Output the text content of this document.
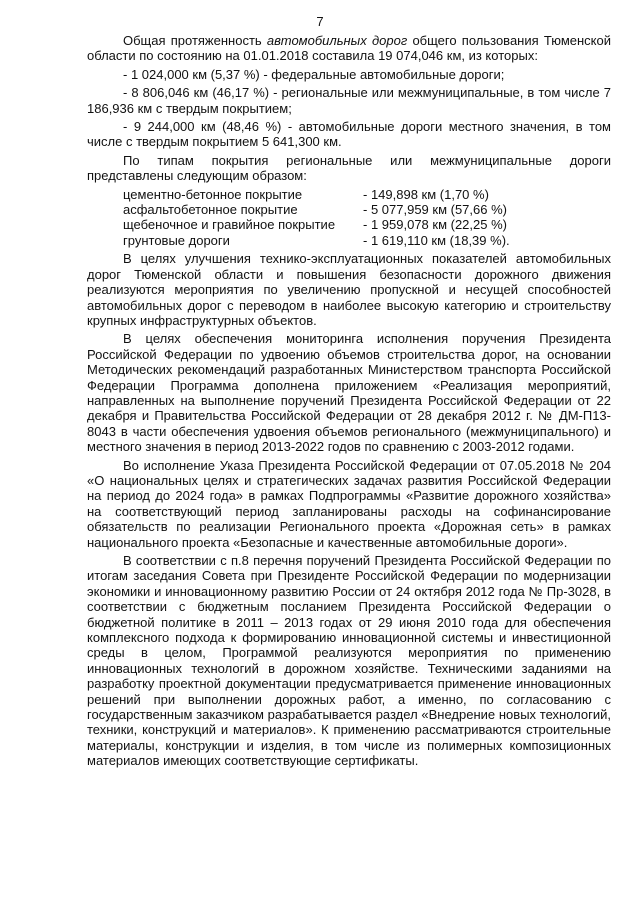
7

Общая протяженность автомобильных дорог общего пользования Тюменской области по состоянию на 01.01.2018 составила 19 074,046 км, из которых:

- 1 024,000 км (5,37 %) - федеральные автомобильные дороги;

- 8 806,046 км (46,17 %) - региональные или межмуниципальные, в том числе 7 186,936 км с твердым покрытием;

- 9 244,000 км (48,46 %) - автомобильные дороги местного значения, в том числе с твердым покрытием 5 641,300 км.

По типам покрытия региональные или межмуниципальные дороги представлены следующим образом:

цементно-бетонное покрытие	- 149,898 км (1,70 %)
асфальтобетонное покрытие	- 5 077,959 км (57,66 %)
щебеночное и гравийное покрытие	- 1 959,078 км (22,25 %)
грунтовые дороги	- 1 619,110 км (18,39 %).

В целях улучшения технико-эксплуатационных показателей автомобильных дорог Тюменской области и повышения безопасности дорожного движения реализуются мероприятия по увеличению пропускной и несущей способностей автомобильных дорог с переводом в наиболее высокую категорию и строительству крупных инфраструктурных объектов.

В целях обеспечения мониторинга исполнения поручения Президента Российской Федерации по удвоению объемов строительства дорог, на основании Методических рекомендаций разработанных Министерством транспорта Российской Федерации Программа дополнена приложением «Реализация мероприятий, направленных на выполнение поручений Президента Российской Федерации от 22 декабря и Правительства Российской Федерации от 28 декабря 2012 г. № ДМ-П13-8043 в части обеспечения удвоения объемов регионального (межмуниципального) и местного значения в период 2013-2022 годов по сравнению с 2003-2012 годами.

Во исполнение Указа Президента Российской Федерации от 07.05.2018 № 204 «О национальных целях и стратегических задачах развития Российской Федерации на период до 2024 года» в рамках Подпрограммы «Развитие дорожного хозяйства» на соответствующий период запланированы расходы на софинансирование обязательств по реализации Регионального проекта «Дорожная сеть» в рамках национального проекта «Безопасные и качественные автомобильные дороги».

В соответствии с п.8 перечня поручений Президента Российской Федерации по итогам заседания Совета при Президенте Российской Федерации по модернизации экономики и инновационному развитию России от 24 октября 2012 года № Пр-3028, в соответствии с бюджетным посланием Президента Российской Федерации о бюджетной политике в 2011 – 2013 годах от 29 июня 2010 года для обеспечения комплексного подхода к формированию инновационной системы и инвестиционной среды в целом, Программой реализуются мероприятия по применению инновационных технологий в дорожном хозяйстве. Техническими заданиями на разработку проектной документации предусматривается применение инновационных решений при выполнении дорожных работ, а именно, по согласованию с государственным заказчиком разрабатывается раздел «Внедрение новых технологий, техники, конструкций и материалов». К применению рассматриваются строительные материалы, конструкции и изделия, в том числе из полимерных композиционных материалов имеющих соответствующие сертификаты.
